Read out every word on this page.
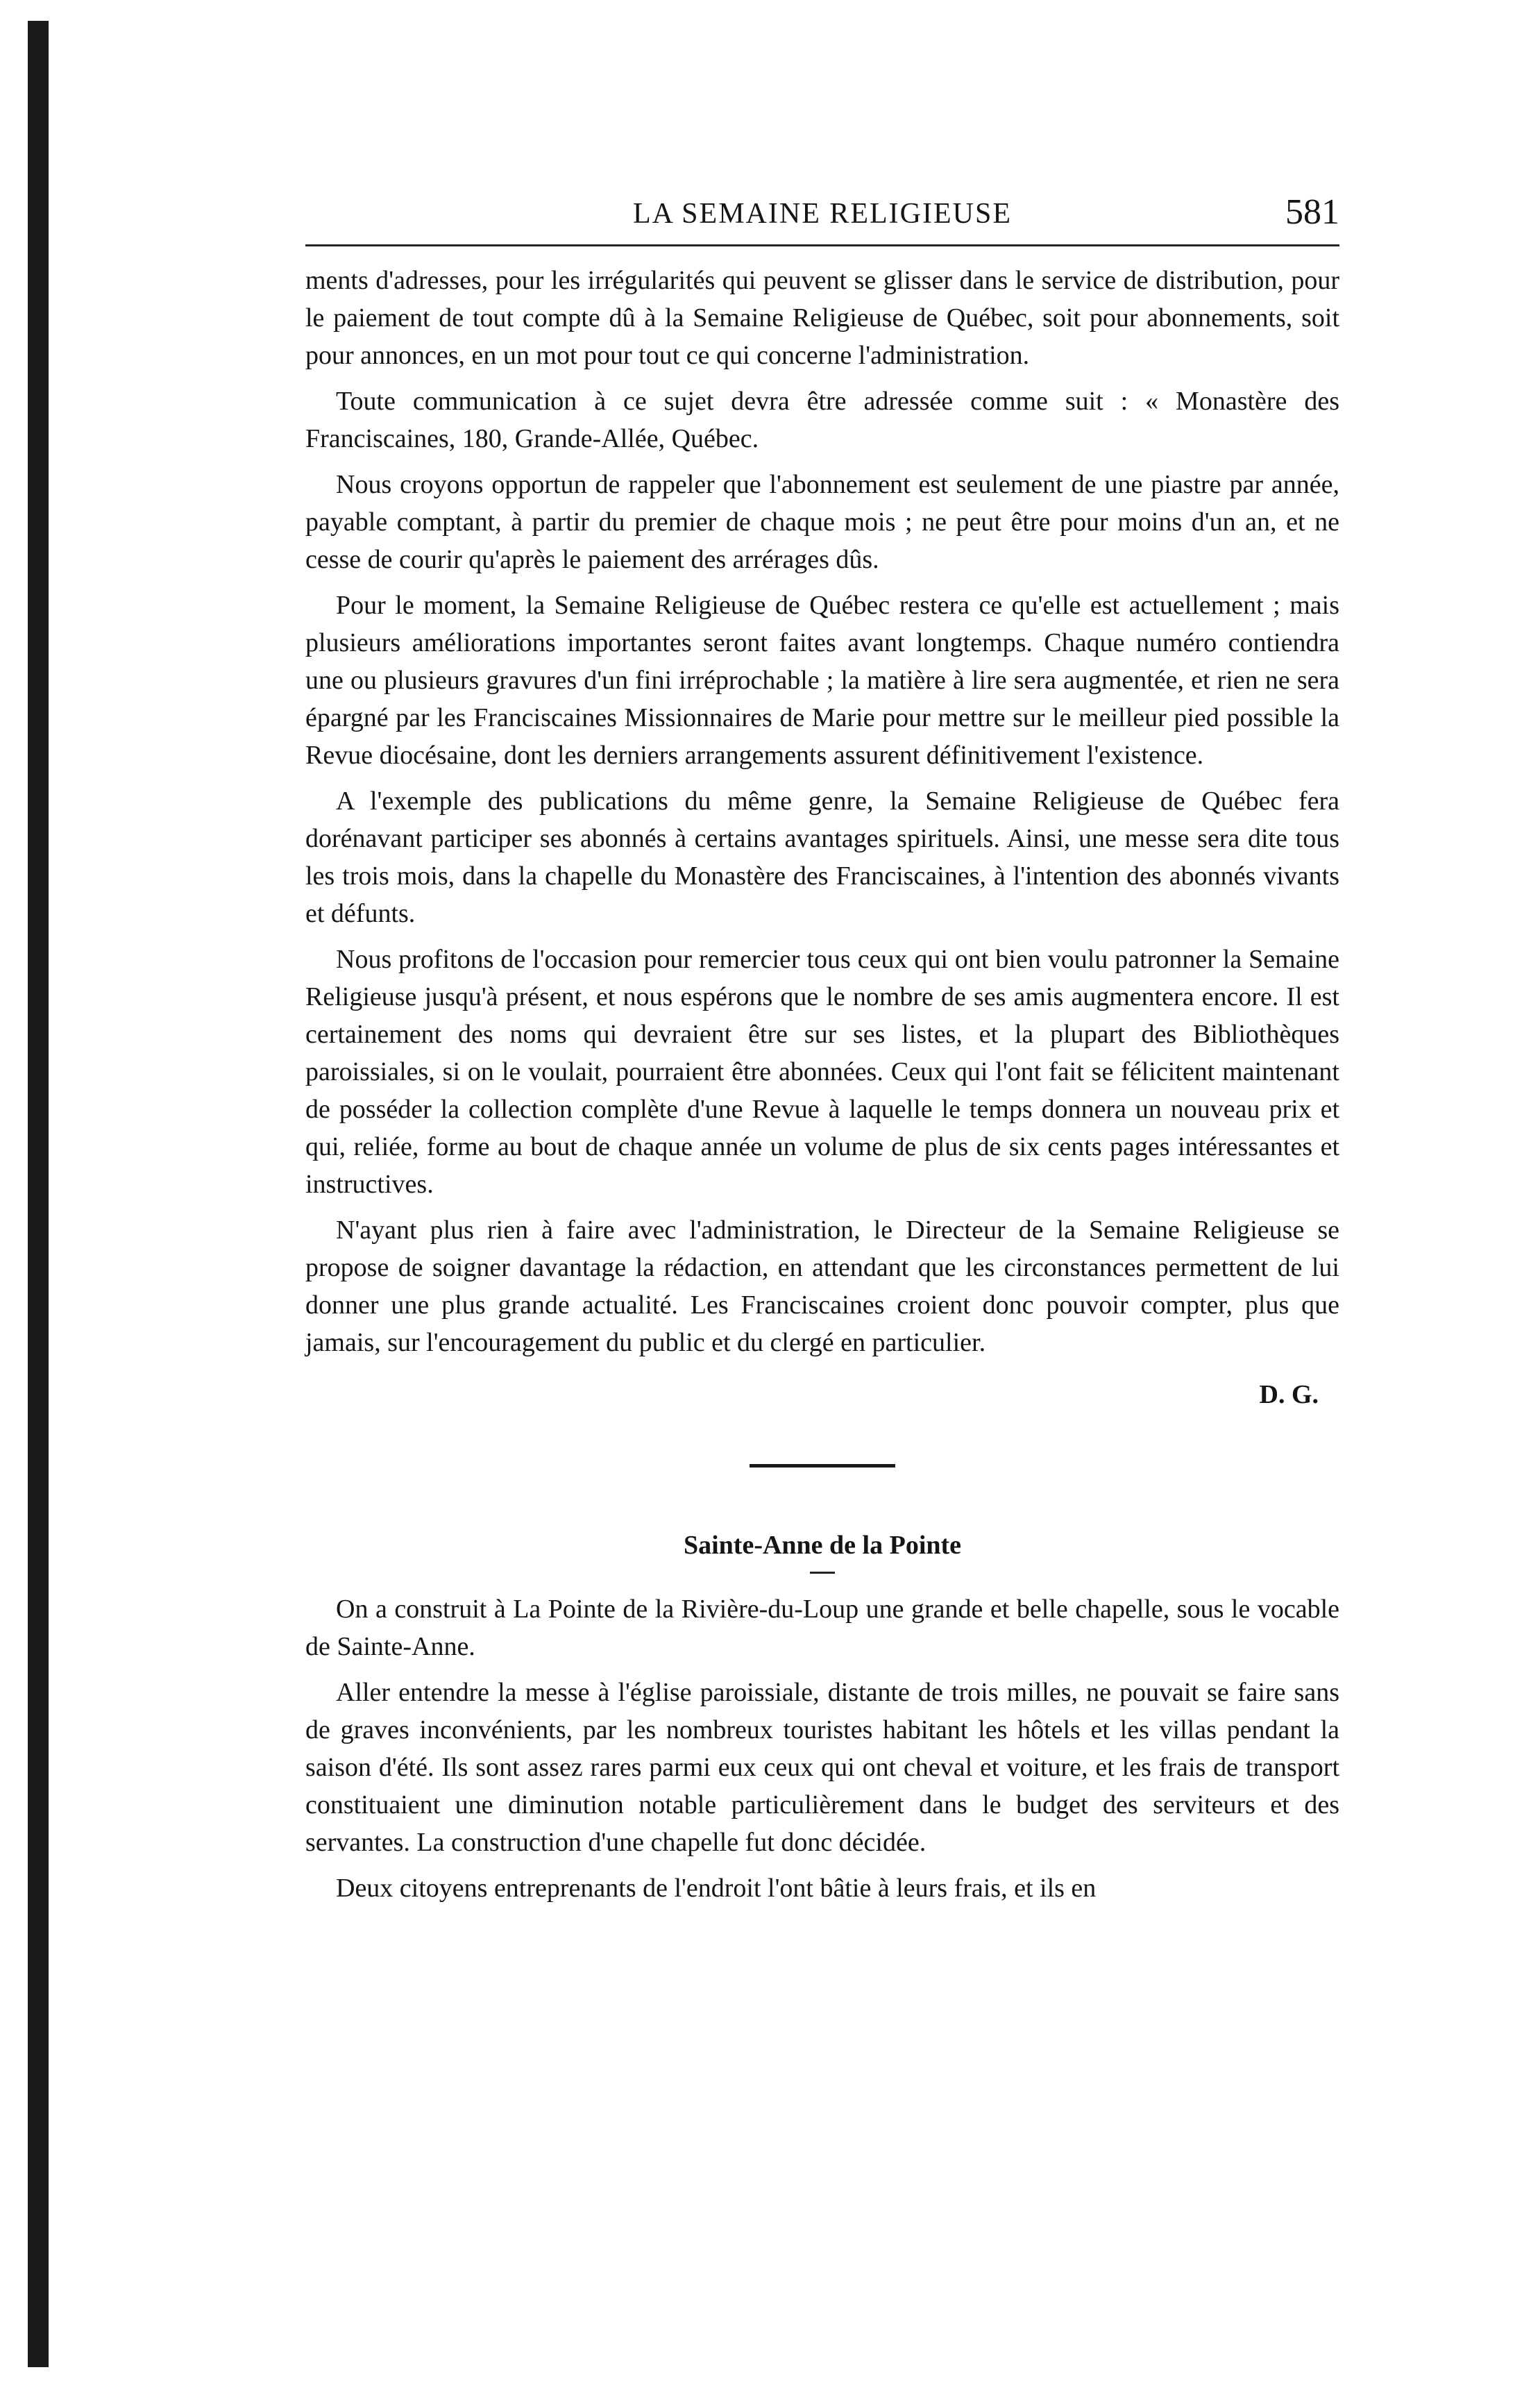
LA SEMAINE RELIGIEUSE	581

ments d'adresses, pour les irrégularités qui peuvent se glisser dans le service de distribution, pour le paiement de tout compte dû à la Semaine Religieuse de Québec, soit pour abonnements, soit pour annonces, en un mot pour tout ce qui concerne l'administration.

Toute communication à ce sujet devra être adressée comme suit : « Monastère des Franciscaines, 180, Grande-Allée, Québec.

Nous croyons opportun de rappeler que l'abonnement est seulement de une piastre par année, payable comptant, à partir du premier de chaque mois ; ne peut être pour moins d'un an, et ne cesse de courir qu'après le paiement des arrérages dûs.

Pour le moment, la Semaine Religieuse de Québec restera ce qu'elle est actuellement ; mais plusieurs améliorations importantes seront faites avant longtemps. Chaque numéro contiendra une ou plusieurs gravures d'un fini irréprochable ; la matière à lire sera augmentée, et rien ne sera épargné par les Franciscaines Missionnaires de Marie pour mettre sur le meilleur pied possible la Revue diocésaine, dont les derniers arrangements assurent définitivement l'existence.

A l'exemple des publications du même genre, la Semaine Religieuse de Québec fera dorénavant participer ses abonnés à certains avantages spirituels. Ainsi, une messe sera dite tous les trois mois, dans la chapelle du Monastère des Franciscaines, à l'intention des abonnés vivants et défunts.

Nous profitons de l'occasion pour remercier tous ceux qui ont bien voulu patronner la Semaine Religieuse jusqu'à présent, et nous espérons que le nombre de ses amis augmentera encore. Il est certainement des noms qui devraient être sur ses listes, et la plupart des Bibliothèques paroissiales, si on le voulait, pourraient être abonnées. Ceux qui l'ont fait se félicitent maintenant de posséder la collection complète d'une Revue à laquelle le temps donnera un nouveau prix et qui, reliée, forme au bout de chaque année un volume de plus de six cents pages intéressantes et instructives.

N'ayant plus rien à faire avec l'administration, le Directeur de la Semaine Religieuse se propose de soigner davantage la rédaction, en attendant que les circonstances permettent de lui donner une plus grande actualité. Les Franciscaines croient donc pouvoir compter, plus que jamais, sur l'encouragement du public et du clergé en particulier.

D. G.
Sainte-Anne de la Pointe

On a construit à La Pointe de la Rivière-du-Loup une grande et belle chapelle, sous le vocable de Sainte-Anne.

Aller entendre la messe à l'église paroissiale, distante de trois milles, ne pouvait se faire sans de graves inconvénients, par les nombreux touristes habitant les hôtels et les villas pendant la saison d'été. Ils sont assez rares parmi eux ceux qui ont cheval et voiture, et les frais de transport constituaient une diminution notable particulièrement dans le budget des serviteurs et des servantes. La construction d'une chapelle fut donc décidée.

Deux citoyens entreprenants de l'endroit l'ont bâtie à leurs frais, et ils en
